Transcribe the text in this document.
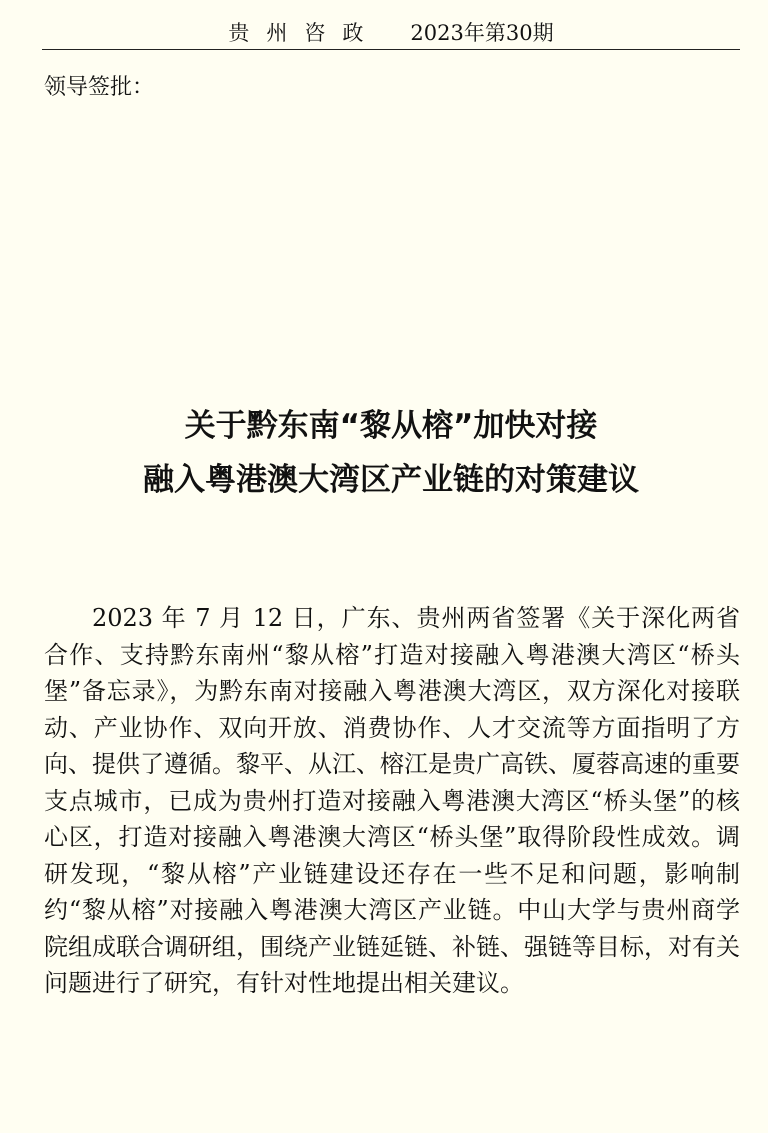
贵州咨政 2023年第30期
领导签批：
关于黔东南“黎从榕”加快对接
融入粤港澳大湾区产业链的对策建议

2023 年 7 月 12 日，广东、贵州两省签署《关于深化两省合作、支持黔东南州“黎从榕”打造对接融入粤港澳大湾区“桥头堡”备忘录》，为黔东南对接融入粤港澳大湾区，双方深化对接联动、产业协作、双向开放、消费协作、人才交流等方面指明了方向、提供了遵循。黎平、从江、榕江是贵广高铁、厦蓉高速的重要支点城市，已成为贵州打造对接融入粤港澳大湾区“桥头堡”的核心区，打造对接融入粤港澳大湾区“桥头堡”取得阶段性成效。调研发现，“黎从榕”产业链建设还存在一些不足和问题，影响制约“黎从榕”对接融入粤港澳大湾区产业链。中山大学与贵州商学院组成联合调研组，围绕产业链延链、补链、强链等目标，对有关问题进行了研究，有针对性地提出相关建议。
